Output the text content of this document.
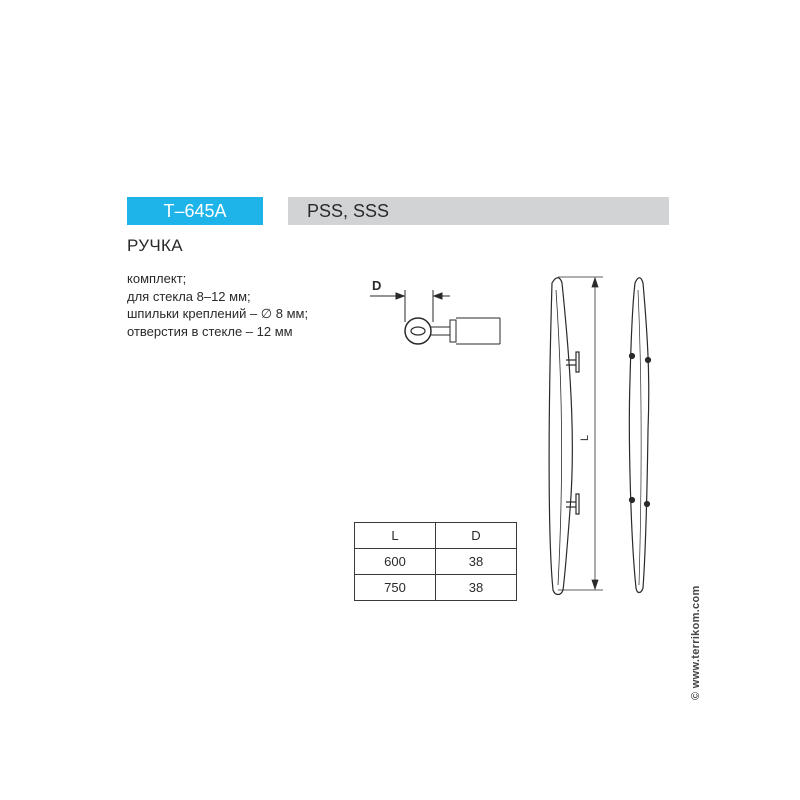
T–645A	PSS, SSS
РУЧКА
комплект;
для стекла 8–12 мм;
шпильки креплений – ∅ 8 мм;
отверстия в стекле – 12 мм
D
L
L	D
600	38
750	38	© www.terrikom.com
